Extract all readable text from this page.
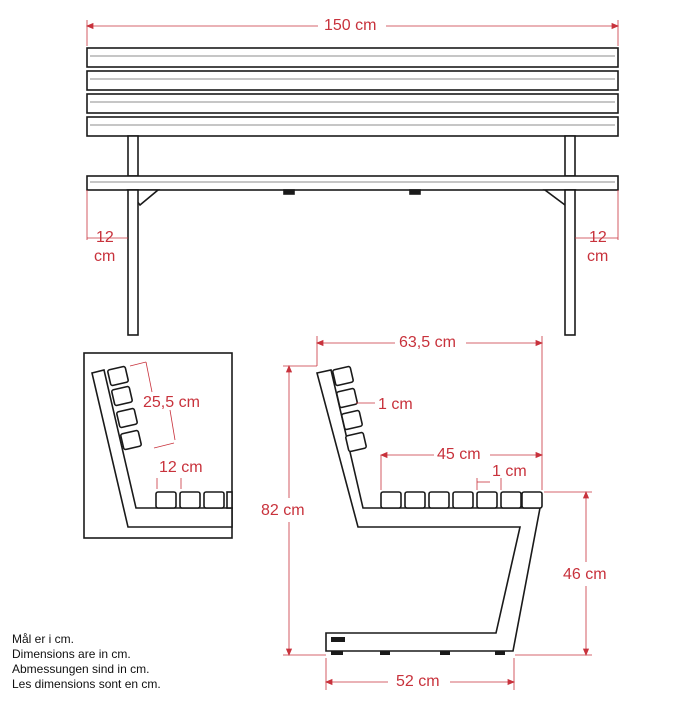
150 cm
12
cm
12
cm
25,5 cm
12 cm
63,5 cm
1 cm
45 cm
1 cm
82 cm
46 cm
52 cm
Mål er i cm.
Dimensions are in cm.
Abmessungen sind in cm.
Les dimensions sont en cm.
